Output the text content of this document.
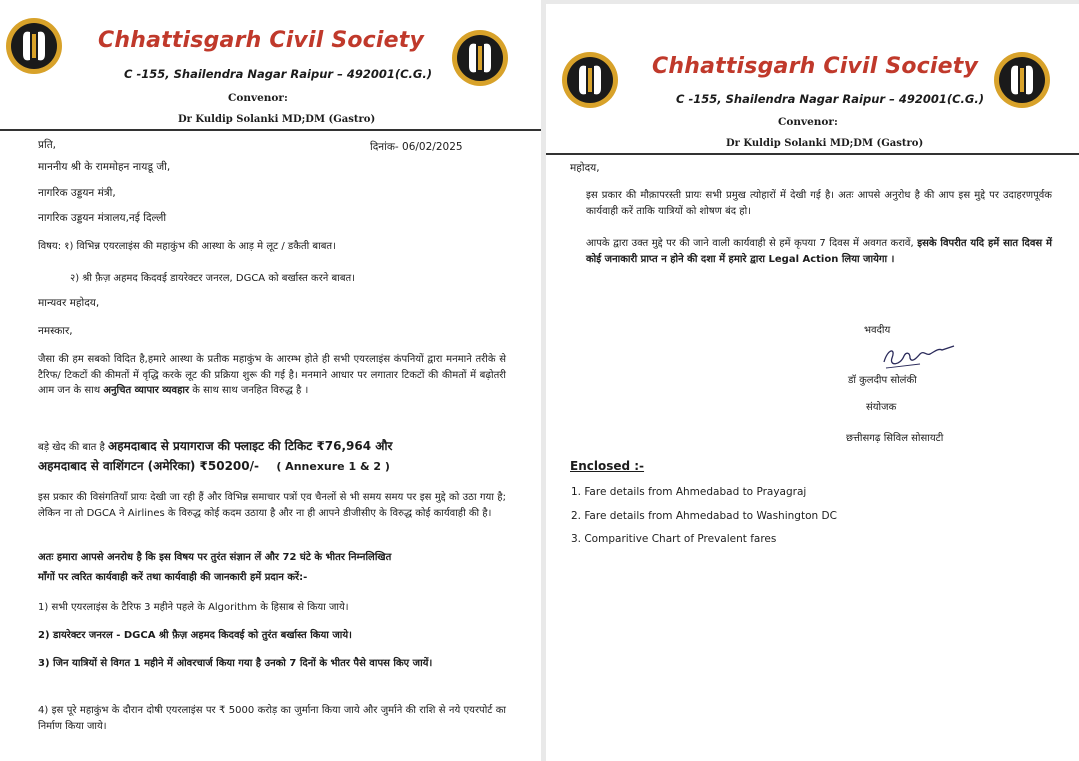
Chhattisgarh Civil Society
C -155, Shailendra Nagar Raipur – 492001(C.G.)
Convenor:
Dr Kuldip Solanki MD;DM (Gastro)
प्रति,	दिनांक- 06/02/2025
माननीय श्री के राममोहन नायडू जी,
नागरिक उड्डयन मंत्री,
नागरिक उड्डयन मंत्रालय,नई दिल्ली
विषय: १) विभिन्न एयरलाइंस की महाकुंभ की आस्था के आड़ मे लूट / डकैती बाबत।
२) श्री फ़ैज़ अहमद किदवई डायरेक्टर जनरल, DGCA को बर्खास्त करने बाबत।
मान्यवर महोदय,
नमस्कार,
जैसा की हम सबको विदित है,हमारे आस्था के प्रतीक महाकुंभ के आरम्भ होते ही सभी एयरलाइंस कंपनियों द्वारा मनमाने तरीके से टैरिफ/ टिकटों की कीमतों में वृद्धि करके लूट की प्रक्रिया शुरू की गई है। मनमाने आधार पर लगातार टिकटों की कीमतों में बढ़ोतरी आम जन के साथ अनुचित व्यापार व्यवहार के साथ साथ जनहित विरुद्ध है ।
बड़े खेद की बात है अहमदाबाद से प्रयागराज की फ्लाइट की टिकिट ₹76,964 और
अहमदाबाद से वाशिंगटन (अमेरिका) ₹50200/- ( Annexure 1 & 2 )
इस प्रकार की विसंगतियाँ प्रायः देखी जा रही हैं और विभिन्न समाचार पत्रों एव चैनलों से भी समय समय पर इस मुद्दे को उठा गया है; लेकिन ना तो DGCA ने Airlines के विरुद्ध कोई कदम उठाया है और ना ही आपने डीजीसीए के विरुद्ध कोई कार्यवाही की है।
अतः हमारा आपसे अनरोध है कि इस विषय पर तुरंत संज्ञान लें और 72 घंटे के भीतर निम्नलिखित
माँगों पर त्वरित कार्यवाही करें तथा कार्यवाही की जानकारी हमें प्रदान करें:-
1) सभी एयरलाइंस के टैरिफ 3 महीने पहले के Algorithm के हिसाब से किया जाये।
2) डायरेक्टर जनरल - DGCA श्री फ़ैज़ अहमद किदवई को तुरंत बर्खास्त किया जाये।
3) जिन यात्रियों से विगत 1 महीने में ओवरचार्ज किया गया है उनको 7 दिनों के भीतर पैसे वापस किए जायें।
4) इस पूरे महाकुंभ के दौरान दोषी एयरलाइंस पर ₹ 5000 करोड़ का जुर्माना किया जाये और जुर्माने की राशि से नये एयरपोर्ट का निर्माण किया जाये।
Chhattisgarh Civil Society
C -155, Shailendra Nagar Raipur – 492001(C.G.)
Convenor:
Dr Kuldip Solanki MD;DM (Gastro)
महोदय,
इस प्रकार की मौक़ापरस्ती प्रायः सभी प्रमुख त्योहारों में देखी गई है। अतः आपसे अनुरोध है की आप इस मुद्दे पर उदाहरणपूर्वक कार्यवाही करें ताकि यात्रियों को शोषण बंद हो।
आपके द्वारा उक्त मुद्दे पर की जाने वाली कार्यवाही से हमें कृपया 7 दिवस में अवगत करावें, इसके विपरीत यदि हमें सात दिवस में कोई जनाकारी प्राप्त न होने की दशा में हमारे द्वारा Legal Action लिया जायेगा ।
भवदीय
डॉ कुलदीप सोलंकी
संयोजक
छत्तीसगढ़ सिविल सोसायटी
Enclosed :-
1. Fare details from Ahmedabad to Prayagraj
2. Fare details from Ahmedabad to Washington DC
3. Comparitive Chart of Prevalent fares
